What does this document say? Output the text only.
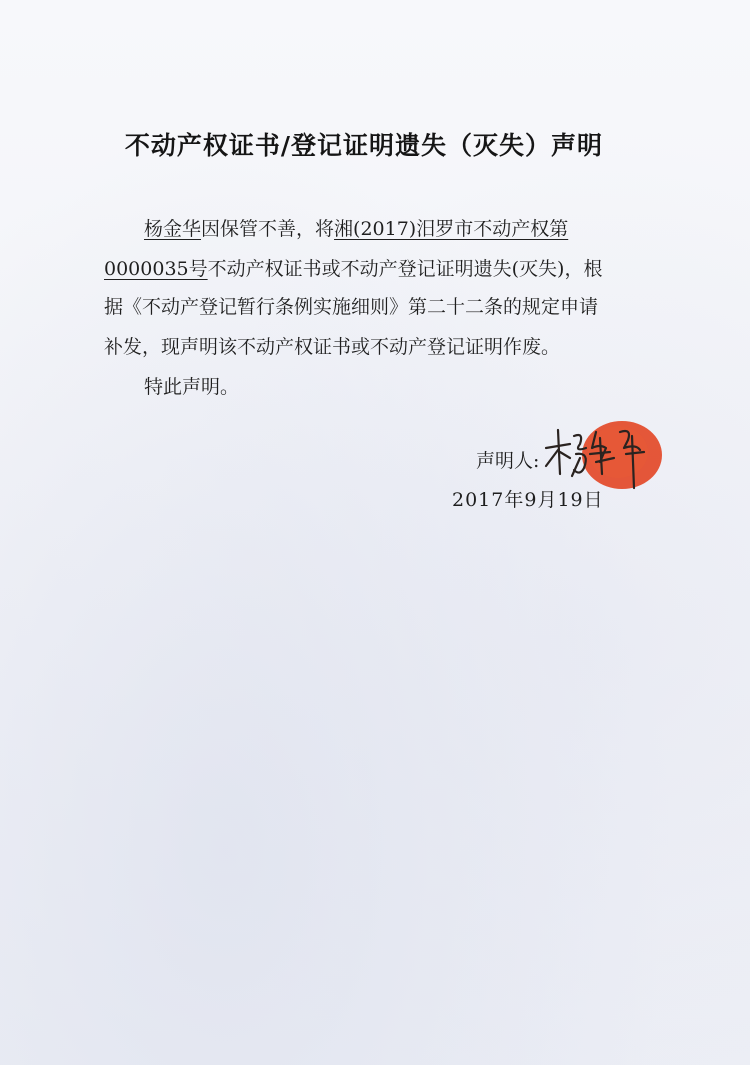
不动产权证书/登记证明遗失（灭失）声明
杨金华因保管不善，将湘(2017)汨罗市不动产权第
0000035号不动产权证书或不动产登记证明遗失(灭失)，根
据《不动产登记暂行条例实施细则》第二十二条的规定申请
补发，现声明该不动产权证书或不动产登记证明作废。
特此声明。
声明人:
2017年9月19日
